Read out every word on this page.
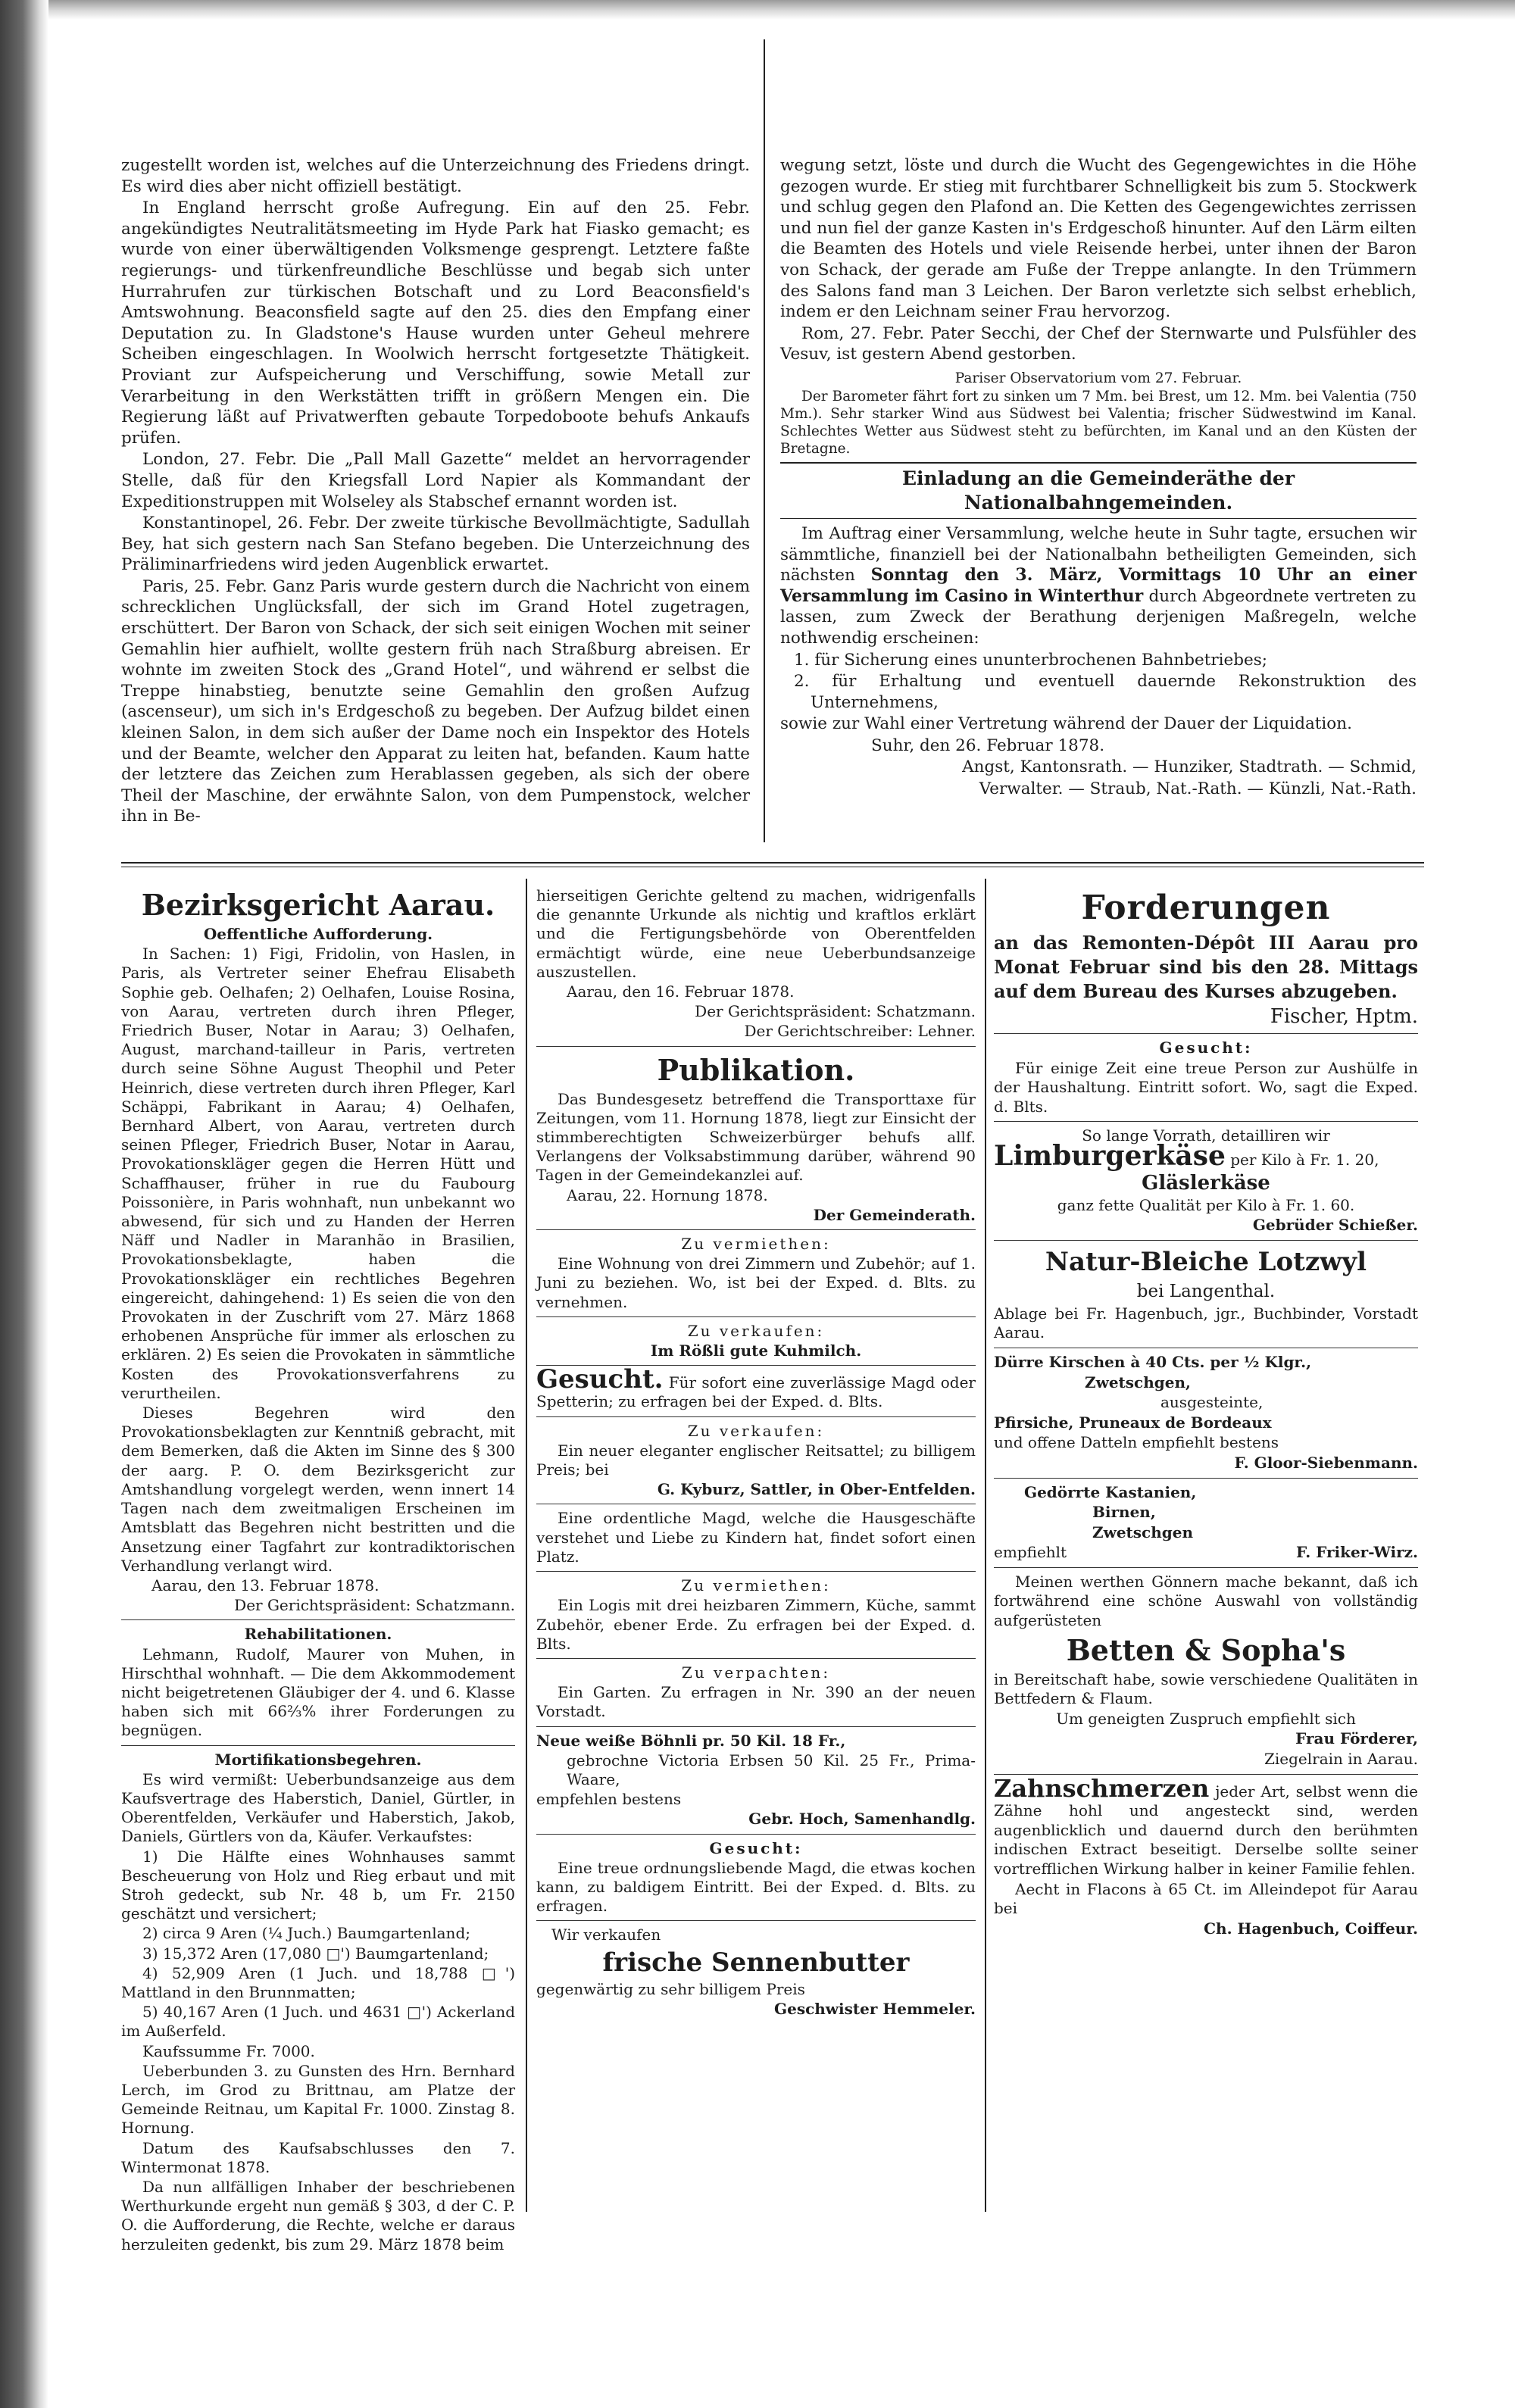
zugestellt worden ist, welches auf die Unterzeichnung des Friedens dringt. Es wird dies aber nicht offiziell bestätigt.

In England herrscht große Aufregung. Ein auf den 25. Febr. angekündigtes Neutralitätsmeeting im Hyde Park hat Fiasko gemacht; es wurde von einer überwältigenden Volksmenge gesprengt. Letztere faßte regierungs- und türkenfreundliche Beschlüsse und begab sich unter Hurrahrufen zur türkischen Botschaft und zu Lord Beaconsfield's Amtswohnung. Beaconsfield sagte auf den 25. dies den Empfang einer Deputation zu. In Gladstone's Hause wurden unter Geheul mehrere Scheiben eingeschlagen. In Woolwich herrscht fortgesetzte Thätigkeit. Proviant zur Aufspeicherung und Verschiffung, sowie Metall zur Verarbeitung in den Werkstätten trifft in größern Mengen ein. Die Regierung läßt auf Privatwerften gebaute Torpedoboote behufs Ankaufs prüfen.

London, 27. Febr. Die „Pall Mall Gazette“ meldet an hervorragender Stelle, daß für den Kriegsfall Lord Napier als Kommandant der Expeditionstruppen mit Wolseley als Stabschef ernannt worden ist.

Konstantinopel, 26. Febr. Der zweite türkische Bevollmächtigte, Sadullah Bey, hat sich gestern nach San Stefano begeben. Die Unterzeichnung des Präliminarfriedens wird jeden Augenblick erwartet.

Paris, 25. Febr. Ganz Paris wurde gestern durch die Nachricht von einem schrecklichen Unglücksfall, der sich im Grand Hotel zugetragen, erschüttert. Der Baron von Schack, der sich seit einigen Wochen mit seiner Gemahlin hier aufhielt, wollte gestern früh nach Straßburg abreisen. Er wohnte im zweiten Stock des „Grand Hotel“, und während er selbst die Treppe hinabstieg, benutzte seine Gemahlin den großen Aufzug (ascenseur), um sich in's Erdgeschoß zu begeben. Der Aufzug bildet einen kleinen Salon, in dem sich außer der Dame noch ein Inspektor des Hotels und der Beamte, welcher den Apparat zu leiten hat, befanden. Kaum hatte der letztere das Zeichen zum Herablassen gegeben, als sich der obere Theil der Maschine, der erwähnte Salon, von dem Pumpenstock, welcher ihn in Be-

wegung setzt, löste und durch die Wucht des Gegengewichtes in die Höhe gezogen wurde. Er stieg mit furchtbarer Schnelligkeit bis zum 5. Stockwerk und schlug gegen den Plafond an. Die Ketten des Gegengewichtes zerrissen und nun fiel der ganze Kasten in's Erdgeschoß hinunter. Auf den Lärm eilten die Beamten des Hotels und viele Reisende herbei, unter ihnen der Baron von Schack, der gerade am Fuße der Treppe anlangte. In den Trümmern des Salons fand man 3 Leichen. Der Baron verletzte sich selbst erheblich, indem er den Leichnam seiner Frau hervorzog.

Rom, 27. Febr. Pater Secchi, der Chef der Sternwarte und Pulsfühler des Vesuv, ist gestern Abend gestorben.

Pariser Observatorium vom 27. Februar.

Der Barometer fährt fort zu sinken um 7 Mm. bei Brest, um 12. Mm. bei Valentia (750 Mm.). Sehr starker Wind aus Südwest bei Valentia; frischer Südwestwind im Kanal. Schlechtes Wetter aus Südwest steht zu befürchten, im Kanal und an den Küsten der Bretagne.

Einladung an die Gemeinderäthe der Nationalbahngemeinden.

Im Auftrag einer Versammlung, welche heute in Suhr tagte, ersuchen wir sämmtliche, finanziell bei der Nationalbahn betheiligten Gemeinden, sich nächsten Sonntag den 3. März, Vormittags 10 Uhr an einer Versammlung im Casino in Winterthur durch Abgeordnete vertreten zu lassen, zum Zweck der Berathung derjenigen Maßregeln, welche nothwendig erscheinen:

1. für Sicherung eines ununterbrochenen Bahnbetriebes;

2. für Erhaltung und eventuell dauernde Rekonstruktion des Unternehmens,

sowie zur Wahl einer Vertretung während der Dauer der Liquidation.

Suhr, den 26. Februar 1878.

Angst, Kantonsrath. — Hunziker, Stadtrath. — Schmid,

Verwalter. — Straub, Nat.-Rath. — Künzli, Nat.-Rath.

Bezirksgericht Aarau.

Oeffentliche Aufforderung.

In Sachen: 1) Figi, Fridolin, von Haslen, in Paris, als Vertreter seiner Ehefrau Elisabeth Sophie geb. Oelhafen; 2) Oelhafen, Louise Rosina, von Aarau, vertreten durch ihren Pfleger, Friedrich Buser, Notar in Aarau; 3) Oelhafen, August, marchand-tailleur in Paris, vertreten durch seine Söhne August Theophil und Peter Heinrich, diese vertreten durch ihren Pfleger, Karl Schäppi, Fabrikant in Aarau; 4) Oelhafen, Bernhard Albert, von Aarau, vertreten durch seinen Pfleger, Friedrich Buser, Notar in Aarau, Provokationskläger gegen die Herren Hütt und Schaffhauser, früher in rue du Faubourg Poissonière, in Paris wohnhaft, nun unbekannt wo abwesend, für sich und zu Handen der Herren Näff und Nadler in Maranhão in Brasilien, Provokationsbeklagte, haben die Provokationskläger ein rechtliches Begehren eingereicht, dahingehend: 1) Es seien die von den Provokaten in der Zuschrift vom 27. März 1868 erhobenen Ansprüche für immer als erloschen zu erklären. 2) Es seien die Provokaten in sämmtliche Kosten des Provokationsverfahrens zu verurtheilen.

Dieses Begehren wird den Provokationsbeklagten zur Kenntniß gebracht, mit dem Bemerken, daß die Akten im Sinne des § 300 der aarg. P. O. dem Bezirksgericht zur Amtshandlung vorgelegt werden, wenn innert 14 Tagen nach dem zweitmaligen Erscheinen im Amtsblatt das Begehren nicht bestritten und die Ansetzung einer Tagfahrt zur kontradiktorischen Verhandlung verlangt wird.

Aarau, den 13. Februar 1878.

Der Gerichtspräsident: Schatzmann.

Rehabilitationen.

Lehmann, Rudolf, Maurer von Muhen, in Hirschthal wohnhaft. — Die dem Akkommodement nicht beigetretenen Gläubiger der 4. und 6. Klasse haben sich mit 66⅔% ihrer Forderungen zu begnügen.

Mortifikationsbegehren.

Es wird vermißt: Ueberbundsanzeige aus dem Kaufsvertrage des Haberstich, Daniel, Gürtler, in Oberentfelden, Verkäufer und Haberstich, Jakob, Daniels, Gürtlers von da, Käufer. Verkaufstes:

1) Die Hälfte eines Wohnhauses sammt Bescheuerung von Holz und Rieg erbaut und mit Stroh gedeckt, sub Nr. 48 b, um Fr. 2150 geschätzt und versichert;

2) circa 9 Aren (¼ Juch.) Baumgartenland;

3) 15,372 Aren (17,080 □') Baumgartenland;

4) 52,909 Aren (1 Juch. und 18,788 □') Mattland in den Brunnmatten;

5) 40,167 Aren (1 Juch. und 4631 □') Ackerland im Außerfeld.

Kaufssumme Fr. 7000.

Ueberbunden 3. zu Gunsten des Hrn. Bernhard Lerch, im Grod zu Brittnau, am Platze der Gemeinde Reitnau, um Kapital Fr. 1000. Zinstag 8. Hornung.

Datum des Kaufsabschlusses den 7. Wintermonat 1878.

Da nun allfälligen Inhaber der beschriebenen Werthurkunde ergeht nun gemäß § 303, d der C. P. O. die Aufforderung, die Rechte, welche er daraus herzuleiten gedenkt, bis zum 29. März 1878 beim

hierseitigen Gerichte geltend zu machen, widrigenfalls die genannte Urkunde als nichtig und kraftlos erklärt und die Fertigungsbehörde von Oberentfelden ermächtigt würde, eine neue Ueberbundsanzeige auszustellen.

Aarau, den 16. Februar 1878.

Der Gerichtspräsident: Schatzmann.

Der Gerichtschreiber: Lehner.

Publikation.

Das Bundesgesetz betreffend die Transporttaxe für Zeitungen, vom 11. Hornung 1878, liegt zur Einsicht der stimmberechtigten Schweizerbürger behufs allf. Verlangens der Volksabstimmung darüber, während 90 Tagen in der Gemeindekanzlei auf.

Aarau, 22. Hornung 1878.

Der Gemeinderath.

Zu vermiethen:

Eine Wohnung von drei Zimmern und Zubehör; auf 1. Juni zu beziehen. Wo, ist bei der Exped. d. Blts. zu vernehmen.

Zu verkaufen:

Im Rößli gute Kuhmilch.

Gesucht. Für sofort eine zuverlässige Magd oder Spetterin; zu erfragen bei der Exped. d. Blts.

Zu verkaufen:

Ein neuer eleganter englischer Reitsattel; zu billigem Preis; bei

G. Kyburz, Sattler, in Ober-Entfelden.

Eine ordentliche Magd, welche die Hausgeschäfte verstehet und Liebe zu Kindern hat, findet sofort einen Platz.

Zu vermiethen:

Ein Logis mit drei heizbaren Zimmern, Küche, sammt Zubehör, ebener Erde. Zu erfragen bei der Exped. d. Blts.

Zu verpachten:

Ein Garten. Zu erfragen in Nr. 390 an der neuen Vorstadt.

Neue weiße Böhnli pr. 50 Kil. 18 Fr.,

gebrochne Victoria Erbsen 50 Kil. 25 Fr., Prima-Waare,

empfehlen bestens

Gebr. Hoch, Samenhandlg.

Gesucht:

Eine treue ordnungsliebende Magd, die etwas kochen kann, zu baldigem Eintritt. Bei der Exped. d. Blts. zu erfragen.

Wir verkaufen

frische Sennenbutter

gegenwärtig zu sehr billigem Preis

Geschwister Hemmeler.

Forderungen

an das Remonten-Dépôt III Aarau pro Monat Februar sind bis den 28. Mittags auf dem Bureau des Kurses abzugeben.

Fischer, Hptm.

Gesucht:

Für einige Zeit eine treue Person zur Aushülfe in der Haushaltung. Eintritt sofort. Wo, sagt die Exped. d. Blts.

So lange Vorrath, detailliren wir

Limburgerkäse per Kilo à Fr. 1. 20,

Gläslerkäse

ganz fette Qualität per Kilo à Fr. 1. 60.

Gebrüder Schießer.

Natur-Bleiche Lotzwyl

bei Langenthal.

Ablage bei Fr. Hagenbuch, jgr., Buchbinder, Vorstadt Aarau.

Dürre Kirschen à 40 Cts. per ½ Klgr.,

Zwetschgen,

ausgesteinte,

Pfirsiche, Pruneaux de Bordeaux

und offene Datteln empfiehlt bestens

F. Gloor-Siebenmann.

Gedörrte Kastanien,

Birnen,

Zwetschgen

empfiehlt	F. Friker-Wirz.

Meinen werthen Gönnern mache bekannt, daß ich fortwährend eine schöne Auswahl von vollständig aufgerüsteten

Betten & Sopha's

in Bereitschaft habe, sowie verschiedene Qualitäten in Bettfedern & Flaum.

Um geneigten Zuspruch empfiehlt sich

Frau Förderer,

Ziegelrain in Aarau.

Zahnschmerzen jeder Art, selbst wenn die Zähne hohl und angesteckt sind, werden augenblicklich und dauernd durch den berühmten indischen Extract beseitigt. Derselbe sollte seiner vortrefflichen Wirkung halber in keiner Familie fehlen.

Aecht in Flacons à 65 Ct. im Alleindepot für Aarau bei

Ch. Hagenbuch, Coiffeur.
